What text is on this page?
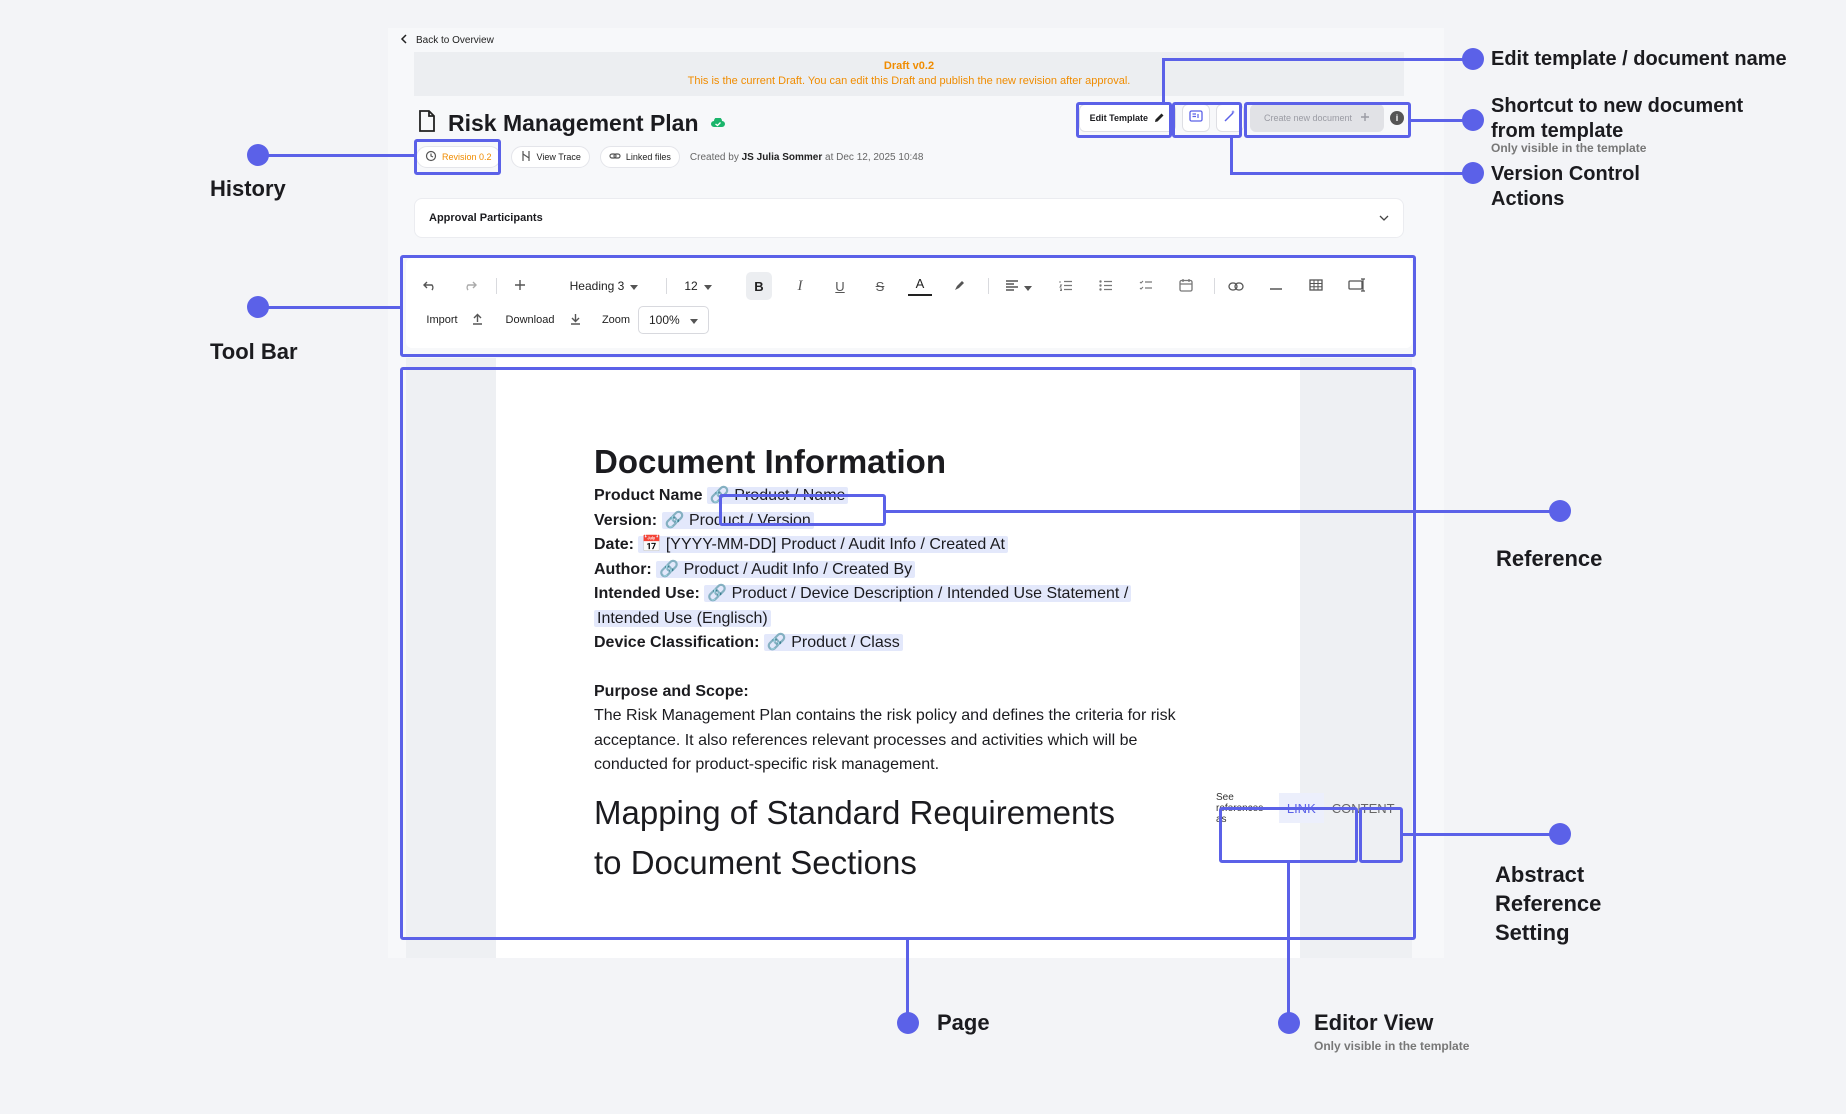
Back to Overview
Draft v0.2
This is the current Draft. You can edit this Draft and publish the new revision after approval.
Risk Management Plan
Revision 0.2	View Trace	Linked files Created by JS Julia Sommer at Dec 12, 2025 10:48
Edit Template	Create new document	i
Approval Participants
Heading 3	12	B	I	U	S	A
Import	Download	Zoom	100%
Document Information
Product Name 🔗 Product / Name
Version: 🔗 Product / Version
Date: 📅 [YYYY-MM-DD] Product / Audit Info / Created At
Author: 🔗 Product / Audit Info / Created By
Intended Use: 🔗 Product / Device Description / Intended Use Statement /
Intended Use (Englisch)
Device Classification: 🔗 Product / Class
Purpose and Scope:
The Risk Management Plan contains the risk policy and defines the criteria for risk acceptance. It also references relevant processes and activities which will be conducted for product-specific risk management.
Mapping of Standard Requirements
to Document Sections
See references as
LINK	CONTENT
History
Tool Bar
Edit template / document name
Shortcut to new document
from template
Only visible in the template
Version Control
Actions
Reference
Abstract
Reference
Setting
Page	Editor View
Only visible in the template
